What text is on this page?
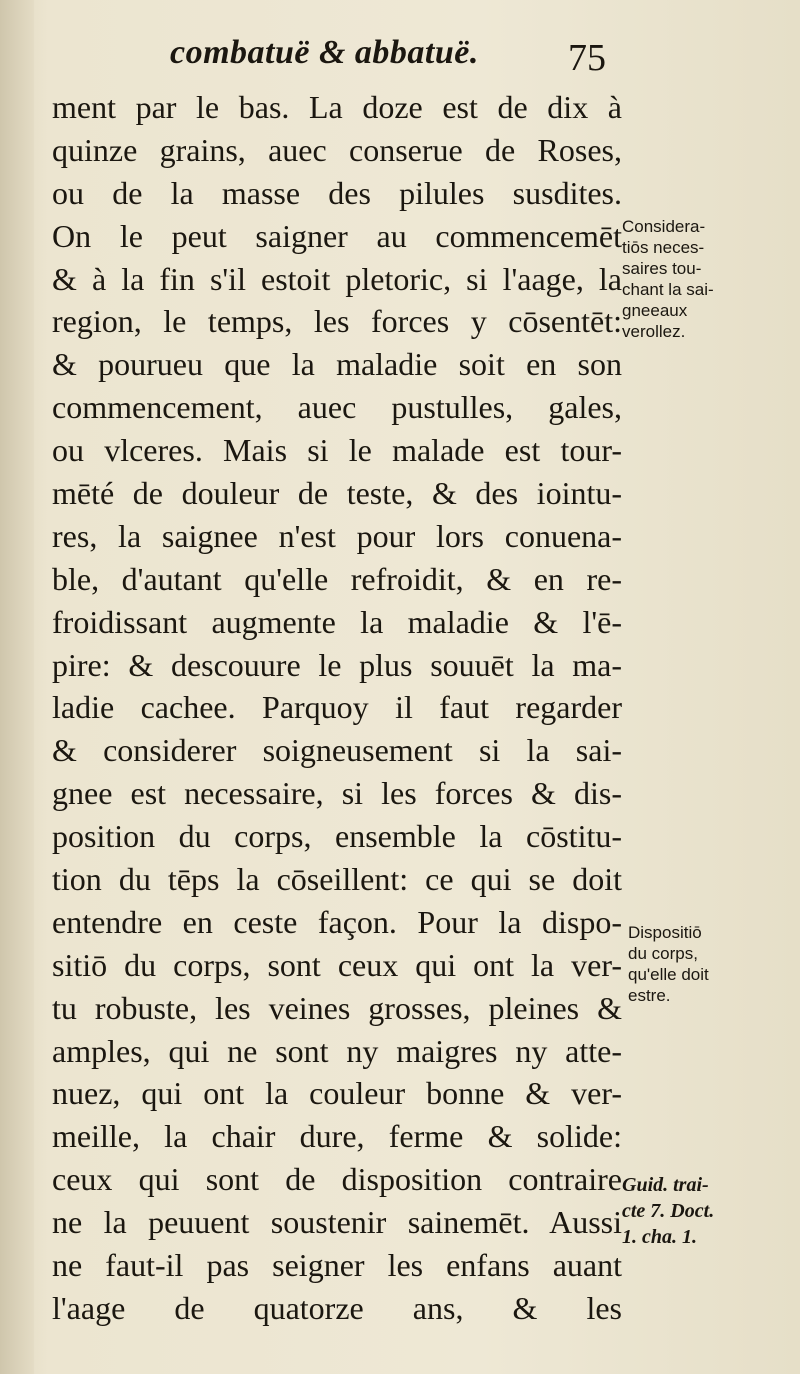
combatuë & abbatuë. 75
ment par le bas. La doze est de dix à
quinze grains, auec conserue de Roses,
ou de la masse des pilules susdites.
On le peut saigner au commencemēt
& à la fin s'il estoit pletoric, si l'aage, la
region, le temps, les forces y cōsentēt:
& pourueu que la maladie soit en son
commencement, auec pustulles, gales,
ou vlceres. Mais si le malade est tour-
mēté de douleur de teste, & des iointu-
res, la saignee n'est pour lors conuena-
ble, d'autant qu'elle refroidit, & en re-
froidissant augmente la maladie & l'ē-
pire: & descouure le plus souuēt la ma-
ladie cachee. Parquoy il faut regarder
& considerer soigneusement si la sai-
gnee est necessaire, si les forces & dis-
position du corps, ensemble la cōstitu-
tion du tēps la cōseillent: ce qui se doit
entendre en ceste façon. Pour la dispo-
sitiō du corps, sont ceux qui ont la ver-
tu robuste, les veines grosses, pleines &
amples, qui ne sont ny maigres ny atte-
nuez, qui ont la couleur bonne & ver-
meille, la chair dure, ferme & solide:
ceux qui sont de disposition contraire
ne la peuuent soustenir sainemēt. Aussi
ne faut-il pas seigner les enfans auant
l'aage de quatorze ans, & les
Considera-
tiōs neces-
saires tou-
chant la sai-
gneeaux
verollez.
Dispositiō
du corps,
qu'elle doit
estre.
Guid. trai-
cte 7. Doct.
1. cha. 1.
